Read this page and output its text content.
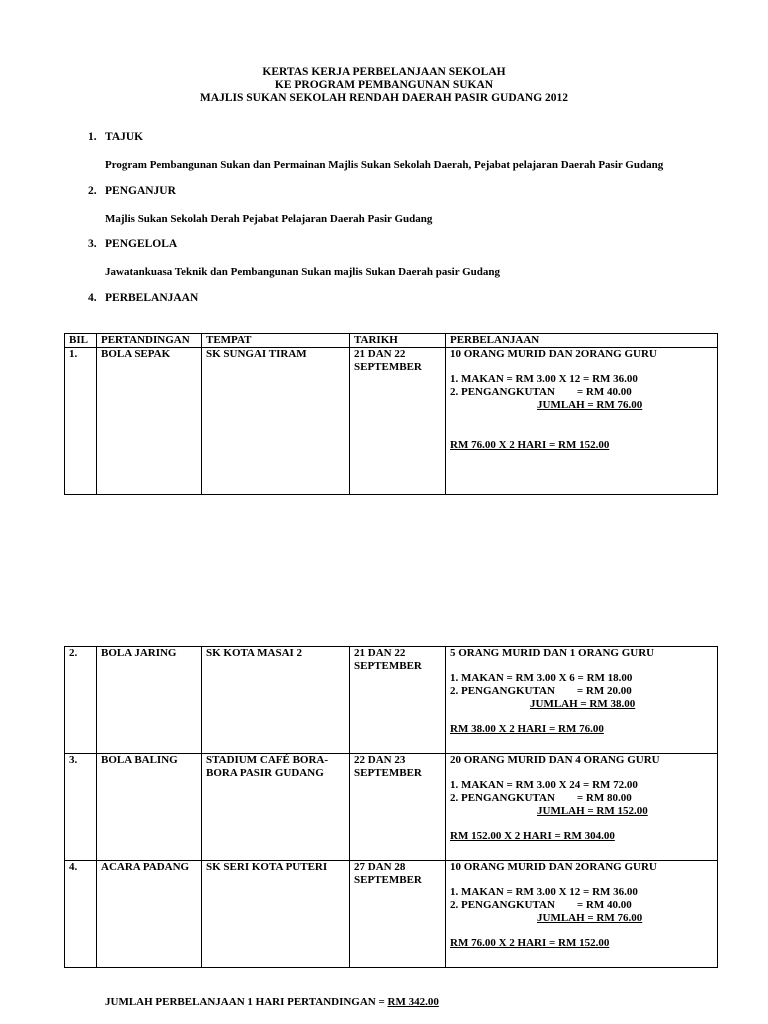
KERTAS KERJA PERBELANJAAN SEKOLAH
KE PROGRAM PEMBANGUNAN SUKAN
MAJLIS SUKAN SEKOLAH RENDAH DAERAH PASIR GUDANG 2012
1. TAJUK
Program Pembangunan Sukan dan Permainan Majlis Sukan Sekolah Daerah, Pejabat pelajaran Daerah Pasir Gudang
2. PENGANJUR
Majlis Sukan Sekolah Derah Pejabat Pelajaran Daerah Pasir Gudang
3. PENGELOLA
Jawatankuasa Teknik dan Pembangunan Sukan majlis Sukan Daerah pasir Gudang
4. PERBELANJAAN
BIL	PERTANDINGAN	TEMPAT	TARIKH	PERBELANJAAN
1.	BOLA SEPAK	SK SUNGAI TIRAM	21 DAN 22
SEPTEMBER	10 ORANG MURID DAN 2ORANG GURU
1. MAKAN = RM 3.00 X 12 = RM 36.00
2. PENGANGKUTAN        = RM 40.00
JUMLAH = RM 76.00
RM 76.00 X 2 HARI = RM 152.00
2.	BOLA JARING	SK KOTA MASAI 2	21 DAN 22
SEPTEMBER	5 ORANG MURID DAN 1 ORANG GURU
1. MAKAN = RM 3.00 X 6 = RM 18.00
2. PENGANGKUTAN        = RM 20.00
JUMLAH = RM 38.00
RM 38.00 X 2 HARI = RM 76.00

3.	BOLA BALING	STADIUM CAFÉ BORA-
BORA PASIR GUDANG	22 DAN 23
SEPTEMBER	20 ORANG MURID DAN 4 ORANG GURU
1. MAKAN = RM 3.00 X 24 = RM 72.00
2. PENGANGKUTAN        = RM 80.00
JUMLAH = RM 152.00
RM 152.00 X 2 HARI = RM 304.00

4.	ACARA PADANG	SK SERI KOTA PUTERI	27 DAN 28
SEPTEMBER	10 ORANG MURID DAN 2ORANG GURU
1. MAKAN = RM 3.00 X 12 = RM 36.00
2. PENGANGKUTAN        = RM 40.00
JUMLAH = RM 76.00
RM 76.00 X 2 HARI = RM 152.00
JUMLAH PERBELANJAAN 1 HARI PERTANDINGAN = RM 342.00
